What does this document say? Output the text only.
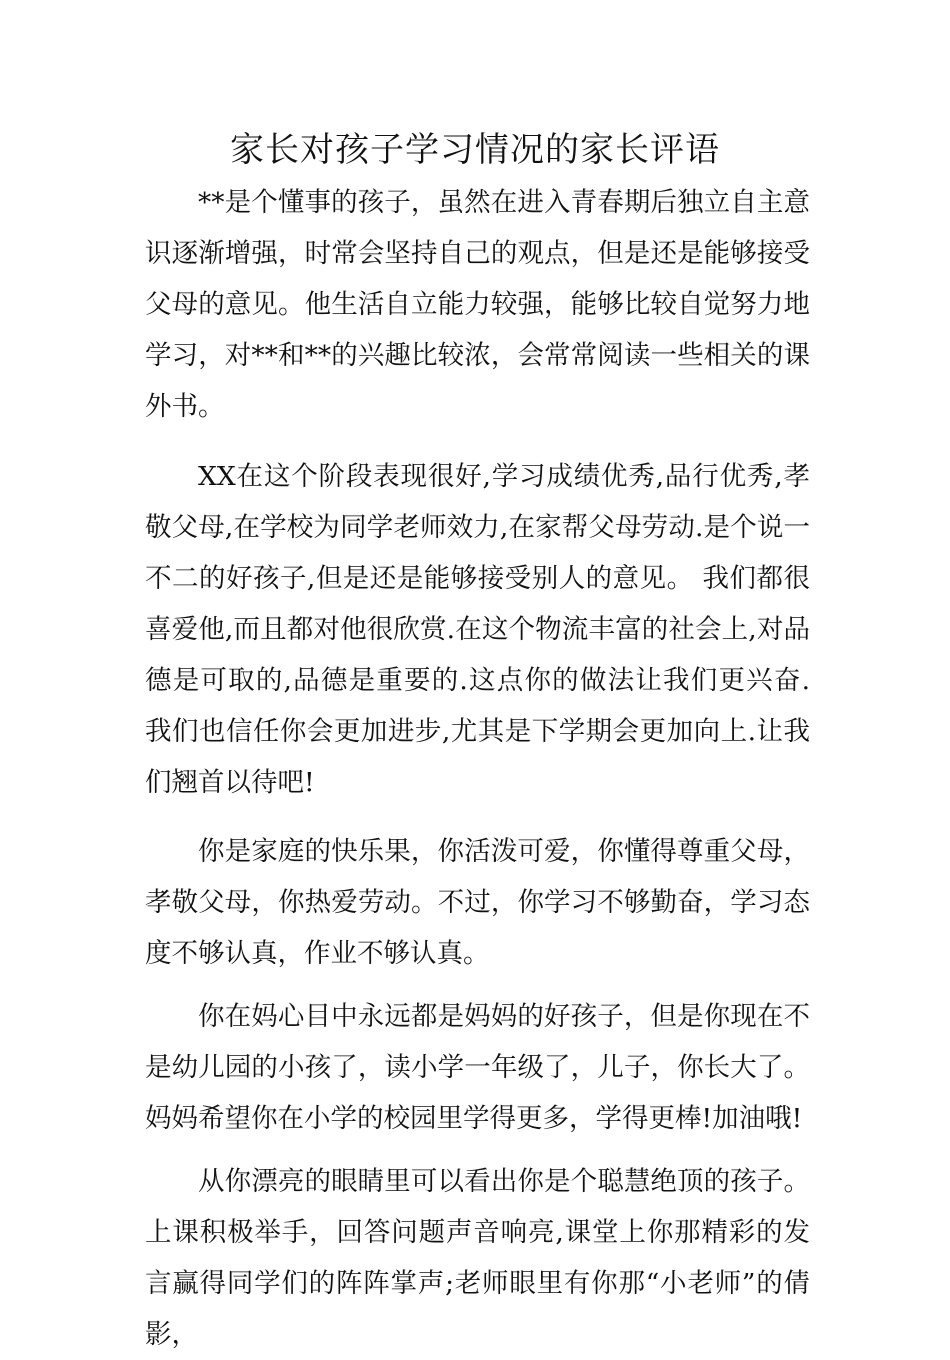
家长对孩子学习情况的家长评语

**是个懂事的孩子，虽然在进入青春期后独立自主意识逐渐增强，时常会坚持自己的观点，但是还是能够接受父母的意见。他生活自立能力较强，能够比较自觉努力地学习，对**和**的兴趣比较浓，会常常阅读一些相关的课外书。

XX在这个阶段表现很好,学习成绩优秀,品行优秀,孝敬父母,在学校为同学老师效力,在家帮父母劳动.是个说一不二的好孩子,但是还是能够接受别人的意见。 我们都很喜爱他,而且都对他很欣赏.在这个物流丰富的社会上,对品德是可取的,品德是重要的.这点你的做法让我们更兴奋. 我们也信任你会更加进步,尤其是下学期会更加向上.让我们翘首以待吧!

你是家庭的快乐果，你活泼可爱，你懂得尊重父母，孝敬父母，你热爱劳动。不过，你学习不够勤奋，学习态度不够认真，作业不够认真。

你在妈心目中永远都是妈妈的好孩子，但是你现在不是幼儿园的小孩了，读小学一年级了，儿子，你长大了。妈妈希望你在小学的校园里学得更多，学得更棒!加油哦!

从你漂亮的眼睛里可以看出你是个聪慧绝顶的孩子。上课积极举手，回答问题声音响亮,课堂上你那精彩的发言赢得同学们的阵阵掌声;老师眼里有你那“小老师”的倩影，
